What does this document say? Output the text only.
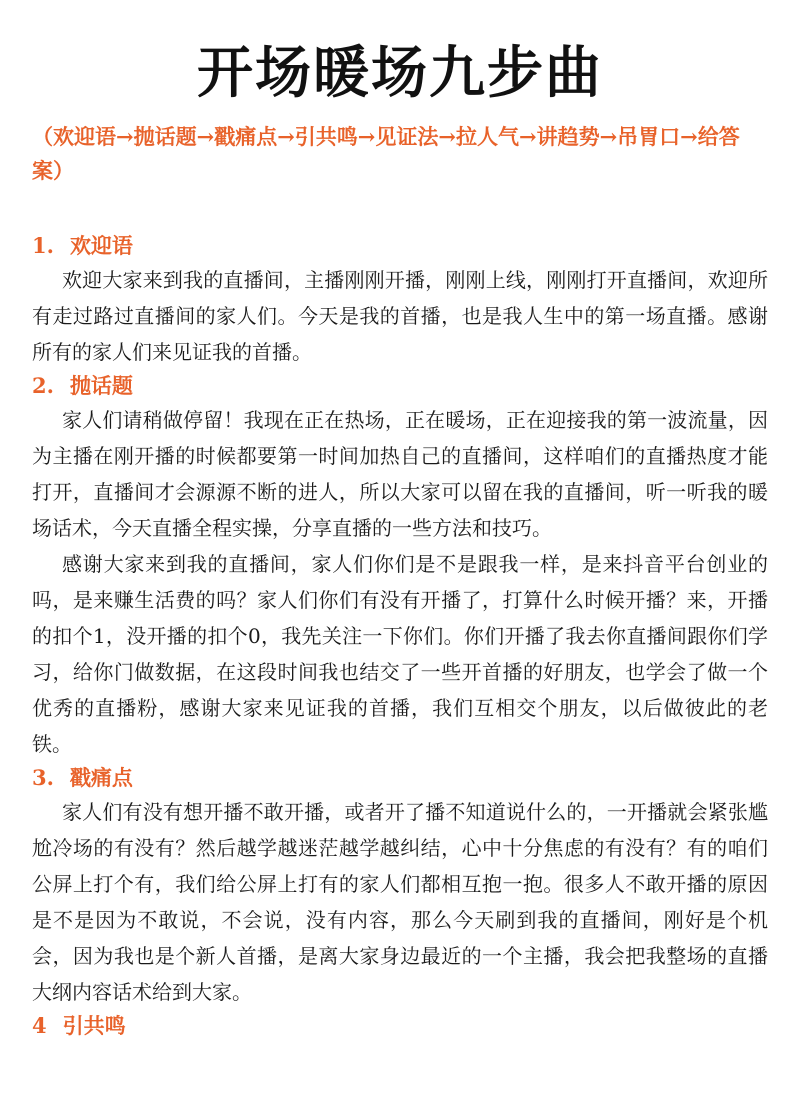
开场暖场九步曲
（欢迎语→抛话题→戳痛点→引共鸣→见证法→拉人气→讲趋势→吊胃口→给答案）
1. 欢迎语

欢迎大家来到我的直播间，主播刚刚开播，刚刚上线，刚刚打开直播间，欢迎所有走过路过直播间的家人们。今天是我的首播，也是我人生中的第一场直播。感谢所有的家人们来见证我的首播。

2. 抛话题

家人们请稍做停留！我现在正在热场，正在暖场，正在迎接我的第一波流量，因为主播在刚开播的时候都要第一时间加热自己的直播间，这样咱们的直播热度才能打开，直播间才会源源不断的进人，所以大家可以留在我的直播间，听一听我的暖场话术，今天直播全程实操，分享直播的一些方法和技巧。

感谢大家来到我的直播间，家人们你们是不是跟我一样，是来抖音平台创业的吗，是来赚生活费的吗？家人们你们有没有开播了，打算什么时候开播？来，开播的扣个1，没开播的扣个0，我先关注一下你们。你们开播了我去你直播间跟你们学习，给你门做数据，在这段时间我也结交了一些开首播的好朋友，也学会了做一个优秀的直播粉，感谢大家来见证我的首播，我们互相交个朋友，以后做彼此的老铁。

3. 戳痛点

家人们有没有想开播不敢开播，或者开了播不知道说什么的，一开播就会紧张尴尬冷场的有没有？然后越学越迷茫越学越纠结，心中十分焦虑的有没有？有的咱们公屏上打个有，我们给公屏上打有的家人们都相互抱一抱。很多人不敢开播的原因是不是因为不敢说，不会说，没有内容，那么今天刷到我的直播间，刚好是个机会，因为我也是个新人首播，是离大家身边最近的一个主播，我会把我整场的直播大纲内容话术给到大家。

4 引共鸣
